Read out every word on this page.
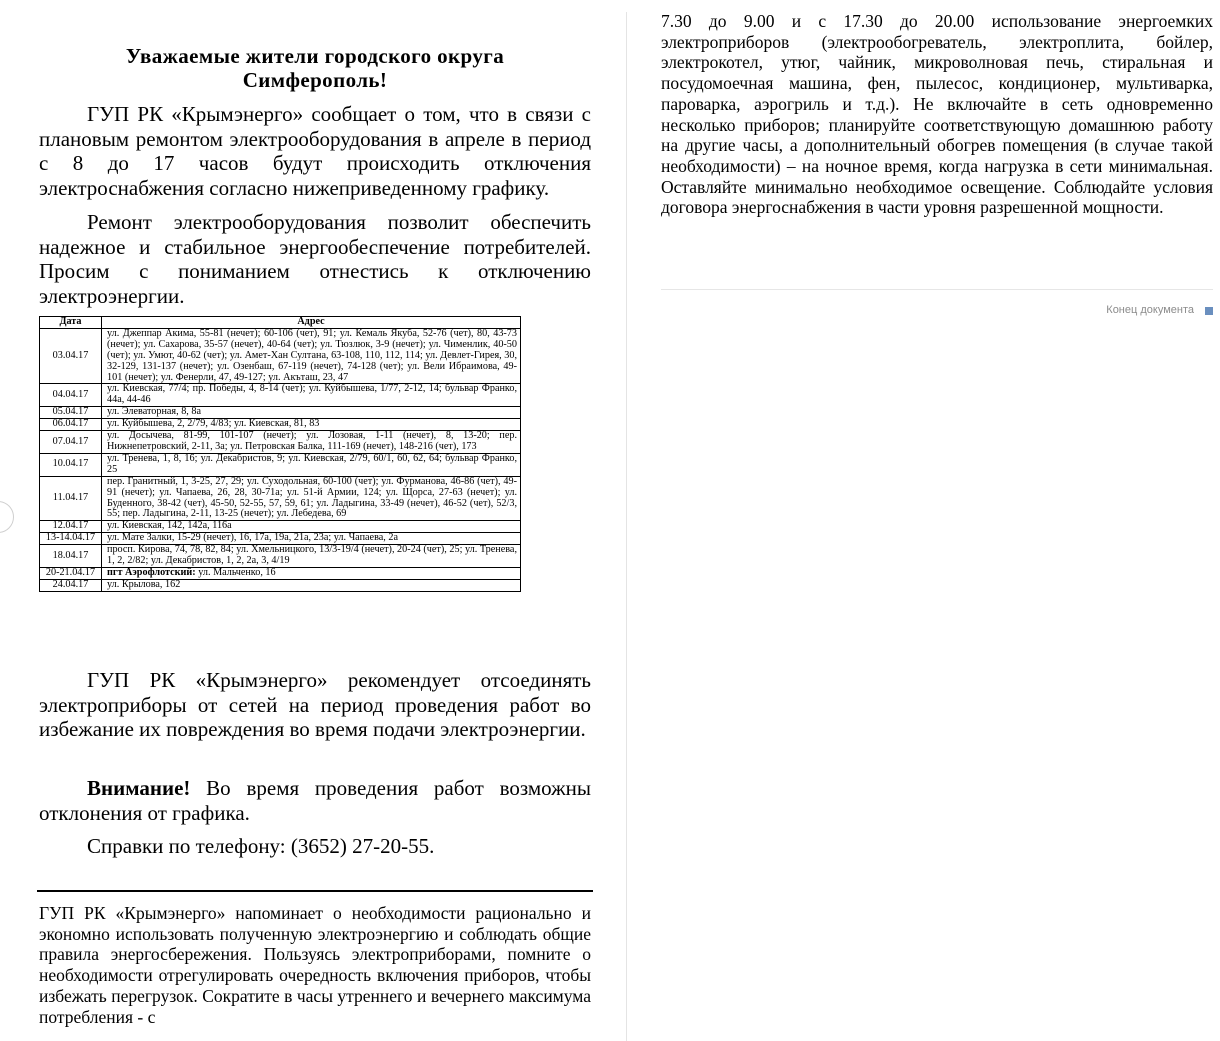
Уважаемые жители городского округа
Симферополь!

ГУП РК «Крымэнерго» сообщает о том, что в связи с плановым ремонтом электрооборудования в апреле в период с 8 до 17 часов будут происходить отключения электроснабжения согласно нижеприведенному графику.

Ремонт электрооборудования позволит обеспечить надежное и стабильное энергообеспечение потребителей. Просим с пониманием отнестись к отключению электроэнергии.

Дата	Адрес
03.04.17	ул. Джеппар Акима, 55-81 (нечет); 60-106 (чет), 91; ул. Кемаль Якуба, 52-76 (чет), 80, 43-73 (нечет); ул. Сахарова, 35-57 (нечет), 40-64 (чет); ул. Тюзлюк, 3-9 (нечет); ул. Чименлик, 40-50 (чет); ул. Умют, 40-62 (чет); ул. Амет-Хан Султана, 63-108, 110, 112, 114; ул. Девлет-Гирея, 30, 32-129, 131-137 (нечет); ул. Озенбаш, 67-119 (нечет), 74-128 (чет); ул. Вели Ибраимова, 49-101 (нечет); ул. Фенерли, 47, 49-127; ул. Акъташ, 23, 47
04.04.17	ул. Киевская, 77/4; пр. Победы, 4, 8-14 (чет); ул. Куйбышева, 1/77, 2-12, 14; бульвар Франко, 44а, 44-46
05.04.17	ул. Элеваторная, 8, 8а
06.04.17	ул. Куйбышева, 2, 2/79, 4/83; ул. Киевская, 81, 83
07.04.17	ул. Досычева, 81-99, 101-107 (нечет); ул. Лозовая, 1-11 (нечет), 8, 13-20; пер. Нижнепетровский, 2-11, 3а; ул. Петровская Балка, 111-169 (нечет), 148-216 (чет), 173
10.04.17	ул. Тренева, 1, 8, 16; ул. Декабристов, 9; ул. Киевская, 2/79, 60/1, 60, 62, 64; бульвар Франко, 25
11.04.17	пер. Гранитный, 1, 3-25, 27, 29; ул. Суходольная, 60-100 (чет); ул. Фурманова, 46-86 (чет), 49-91 (нечет); ул. Чапаева, 26, 28, 30-71а; ул. 51-й Армии, 124; ул. Щорса, 27-63 (нечет); ул. Буденного, 38-42 (чет), 45-50, 52-55, 57, 59, 61; ул. Ладыгина, 33-49 (нечет), 46-52 (чет), 52/3, 55; пер. Ладыгина, 2-11, 13-25 (нечет); ул. Лебедева, 69
12.04.17	ул. Киевская, 142, 142а, 116а
13-14.04.17	ул. Мате Залки, 15-29 (нечет), 16, 17а, 19а, 21а, 23а; ул. Чапаева, 2а
18.04.17	просп. Кирова, 74, 78, 82, 84; ул. Хмельницкого, 13/3-19/4 (нечет), 20-24 (чет), 25; ул. Тренева, 1, 2, 2/82; ул. Декабристов, 1, 2, 2а, 3, 4/19
20-21.04.17	пгт Аэрофлотский: ул. Мальченко, 16
24.04.17	ул. Крылова, 162

ГУП РК «Крымэнерго» рекомендует отсоединять электроприборы от сетей на период проведения работ во избежание их повреждения во время подачи электроэнергии.

Внимание! Во время проведения работ возможны отклонения от графика.

Справки по телефону: (3652) 27-20-55.

ГУП РК «Крымэнерго» напоминает о необходимости рационально и экономно использовать полученную электроэнергию и соблюдать общие правила энергосбережения. Пользуясь электроприборами, помните о необходимости отрегулировать очередность включения приборов, чтобы избежать перегрузок. Сократите в часы утреннего и вечернего максимума потребления - с

7.30 до 9.00 и с 17.30 до 20.00 использование энергоемких электроприборов (электрообогреватель, электроплита, бойлер, электрокотел, утюг, чайник, микроволновая печь, стиральная и посудомоечная машина, фен, пылесос, кондиционер, мультиварка, пароварка, аэрогриль и т.д.). Не включайте в сеть одновременно несколько приборов; планируйте соответствующую домашнюю работу на другие часы, а дополнительный обогрев помещения (в случае такой необходимости) – на ночное время, когда нагрузка в сети минимальная. Оставляйте минимально необходимое освещение. Соблюдайте условия договора энергоснабжения в части уровня разрешенной мощности.

Конец документа
